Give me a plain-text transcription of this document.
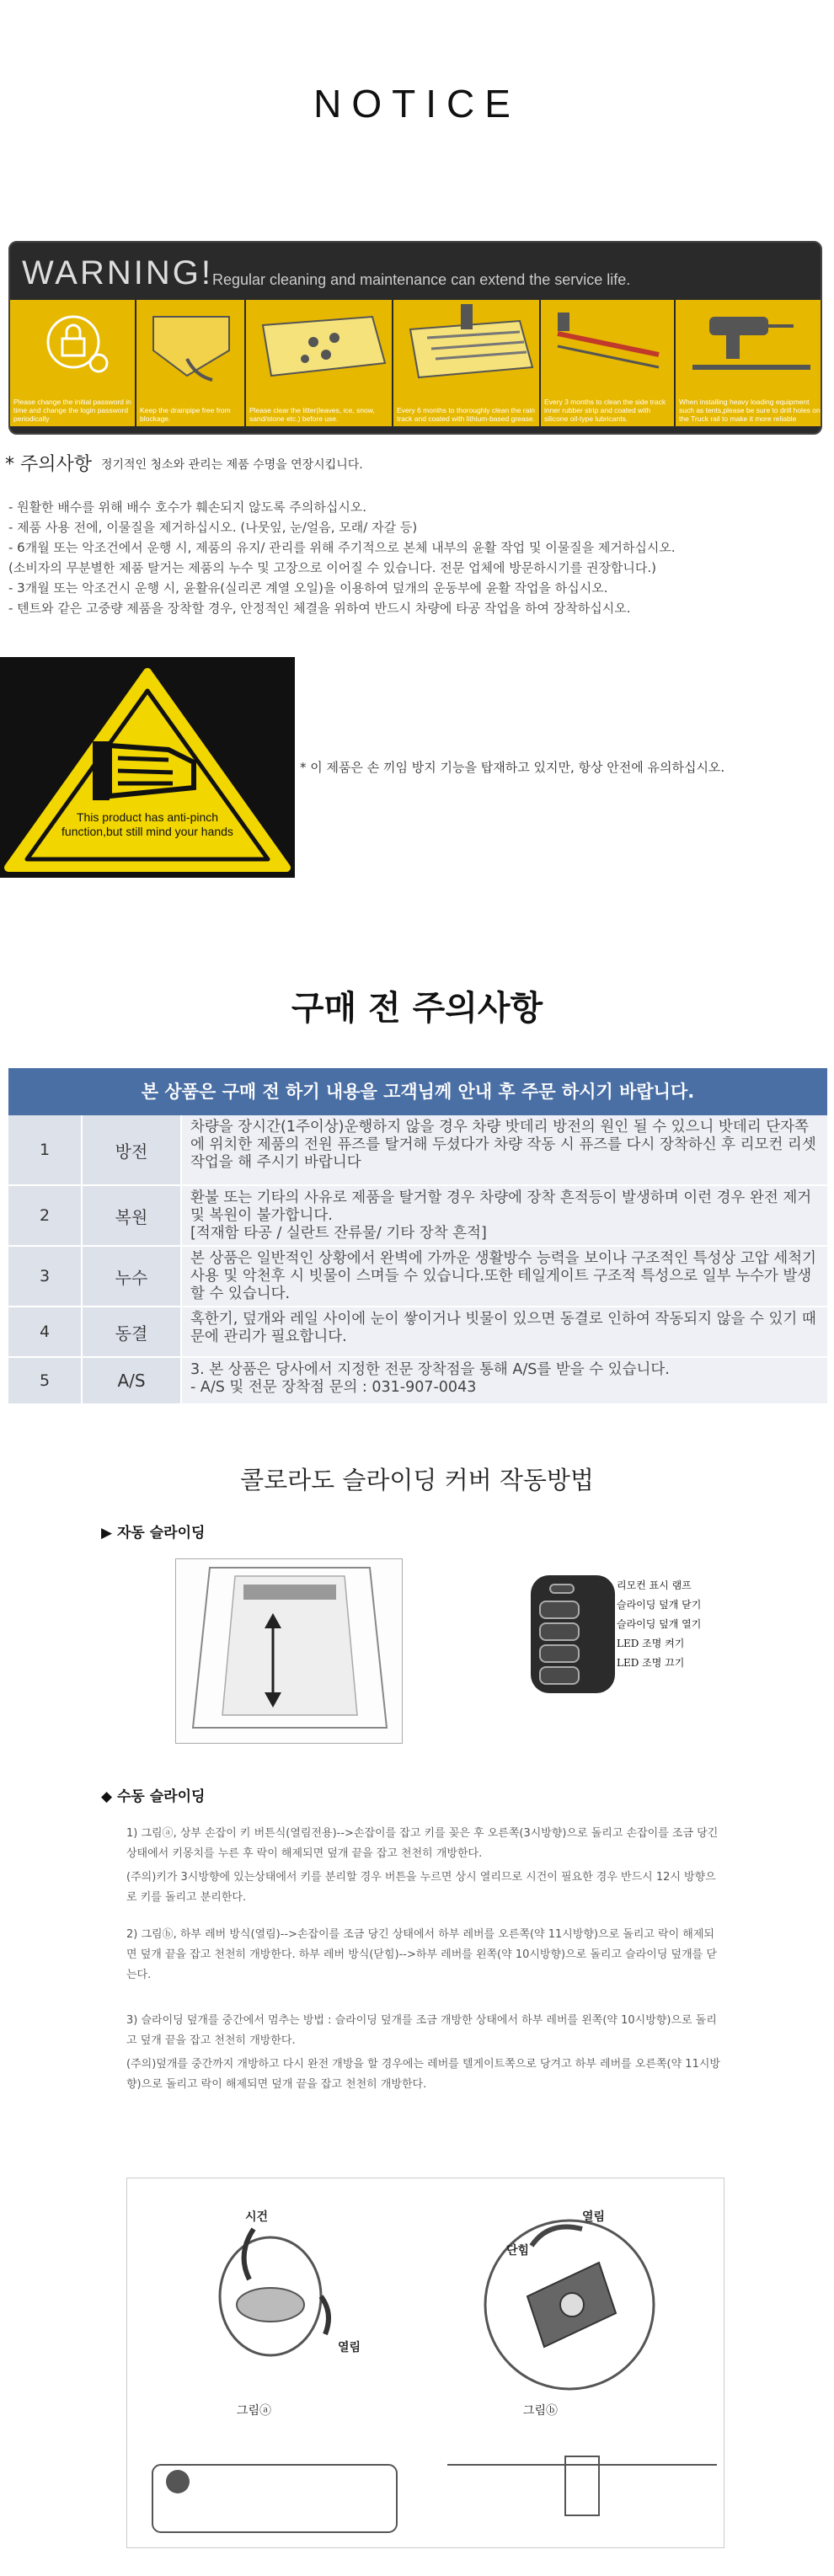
NOTICE
WARNING! Regular cleaning and maintenance can extend the service life.
Please change the initial password in time and change the login password periodically
Keep the drainpipe free from blockage.
Please clear the litter(leaves, ice, snow, sand/stone etc.) before use.
Every 6 months to thoroughly clean the rain track and coated with lithium-based grease.
Every 3 months to clean the side track inner rubber strip and coated with silicone oil-type lubricants.
When installing heavy loading equipment such as tents,please be sure to drill holes on the Truck rail to make it more reliable
* 주의사항 정기적인 청소와 관리는 제품 수명을 연장시킵니다.
- 원활한 배수를 위해 배수 호수가 훼손되지 않도록 주의하십시오.
- 제품 사용 전에, 이물질을 제거하십시오. (나뭇잎, 눈/얼음, 모래/ 자갈 등)
- 6개월 또는 악조건에서 운행 시, 제품의 유지/ 관리를 위해 주기적으로 본체 내부의 윤활 작업 및 이물질을 제거하십시오.
(소비자의 무분별한 제품 탈거는 제품의 누수 및 고장으로 이어질 수 있습니다. 전문 업체에 방문하시기를 권장합니다.)
- 3개월 또는 악조건시 운행 시, 윤활유(실리콘 계열 오일)을 이용하여 덮개의 운동부에 윤활 작업을 하십시오.
- 텐트와 같은 고중량 제품을 장착할 경우, 안정적인 체결을 위하여 반드시 차량에 타공 작업을 하여 장착하십시오.
This product has anti-pinch function,but still mind your hands
* 이 제품은 손 끼임 방지 기능을 탑재하고 있지만, 항상 안전에 유의하십시오.
구매 전 주의사항
본 상품은 구매 전 하기 내용을 고객님께 안내 후 주문 하시기 바랍니다.
1	방전
차량을 장시간(1주이상)운행하지 않을 경우 차량 밧데리 방전의 원인 될 수 있으니 밧데리 단자쪽에 위치한 제품의 전원 퓨즈를 탈거해 두셨다가 차량 작동 시 퓨즈를 다시 장착하신 후 리모컨 리셋 작업을 해 주시기 바랍니다
2	복원
환불 또는 기타의 사유로 제품을 탈거할 경우 차량에 장착 흔적등이 발생하며 이런 경우 완전 제거 및 복원이 불가합니다.
[적재함 타공 / 실란트 잔류물/ 기타 장착 흔적]
3	누수
본 상품은 일반적인 상황에서 완벽에 가까운 생활방수 능력을 보이나 구조적인 특성상 고압 세척기 사용 및 악천후 시 빗물이 스며들 수 있습니다.또한 테일게이트 구조적 특성으로 일부 누수가 발생 할 수 있습니다.
4	동결
혹한기, 덮개와 레일 사이에 눈이 쌓이거나 빗물이 있으면 동결로 인하여 작동되지 않을 수 있기 때문에 관리가 필요합니다.
5	A/S
3. 본 상품은 당사에서 지정한 전문 장착점을 통해 A/S를 받을 수 있습니다.
- A/S 및 전문 장착점 문의 : 031-907-0043
콜로라도 슬라이딩 커버 작동방법
▶ 자동 슬라이딩
리모컨 표시 램프
슬라이딩 덮개 닫기
슬라이딩 덮개 열기
LED 조명 켜기
LED 조명 끄기
◆ 수동 슬라이딩
1) 그림ⓐ, 상부 손잡이 키 버튼식(열림전용)-->손잡이를 잡고 키를 꽂은 후 오른쪽(3시방향)으로 돌리고 손잡이를 조금 당긴 상태에서 키몽치를 누른 후 락이 해제되면 덮개 끝을 잡고 천천히 개방한다.
(주의)키가 3시방향에 있는상태에서 키를 분리할 경우 버튼을 누르면 상시 열리므로 시건이 필요한 경우 반드시 12시 방향으로 키를 돌리고 분리한다.
2) 그림ⓑ, 하부 레버 방식(열림)-->손잡이를 조금 당긴 상태에서 하부 레버를 오른쪽(약 11시방향)으로 돌리고 락이 해제되면 덮개 끝을 잡고 천천히 개방한다. 하부 레버 방식(닫힘)-->하부 레버를 왼쪽(약 10시방향)으로 돌리고 슬라이딩 덮개를 닫는다.
3) 슬라이딩 덮개를 중간에서 멈추는 방법 : 슬라이딩 덮개를 조금 개방한 상태에서 하부 레버를 왼쪽(약 10시방향)으로 돌리고 덮개 끝을 잡고 천천히 개방한다.
(주의)덮개를 중간까지 개방하고 다시 완전 개방을 할 경우에는 레버를 텔게이트쪽으로 당겨고 하부 레버를 오른쪽(약 11시방향)으로 돌리고 락이 해제되면 덮개 끝을 잡고 천천히 개방한다.
시건
열림
그림ⓐ
열림
단힘
그림ⓑ
